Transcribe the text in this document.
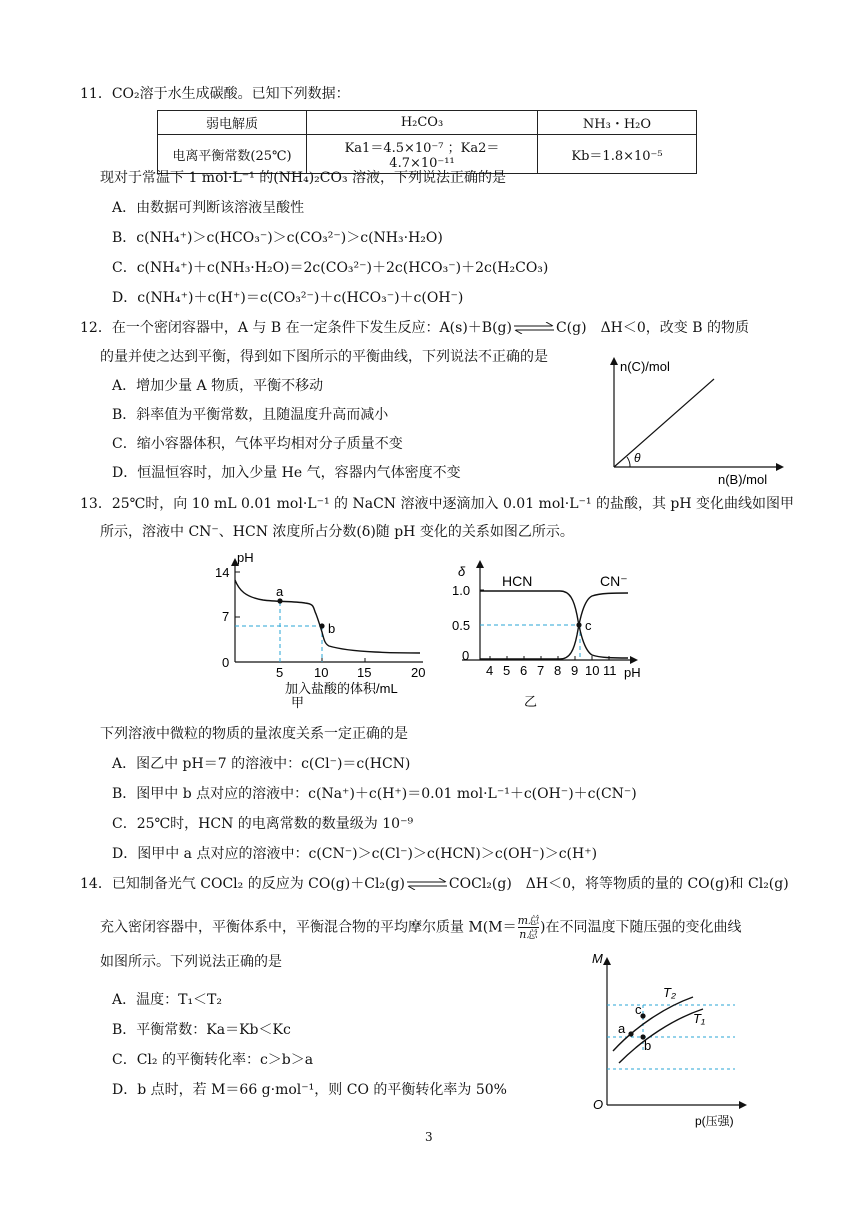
11．CO₂溶于水生成碳酸。已知下列数据：
弱电解质	H₂CO₃	NH₃・H₂O
电离平衡常数(25℃)	Ka1＝4.5×10⁻⁷ ；Ka2＝4.7×10⁻¹¹	Kb＝1.8×10⁻⁵
现对于常温下 1 mol·L⁻¹ 的(NH₄)₂CO₃ 溶液，下列说法正确的是
A．由数据可判断该溶液呈酸性
B．c(NH₄⁺)＞c(HCO₃⁻)＞c(CO₃²⁻)＞c(NH₃·H₂O)
C．c(NH₄⁺)＋c(NH₃·H₂O)＝2c(CO₃²⁻)＋2c(HCO₃⁻)＋2c(H₂CO₃)
D．c(NH₄⁺)＋c(H⁺)＝c(CO₃²⁻)＋c(HCO₃⁻)＋c(OH⁻)
12．在一个密闭容器中，A 与 B 在一定条件下发生反应：A(s)＋B(g)⇌C(g)　ΔH＜0，改变 B 的物质
的量并使之达到平衡，得到如下图所示的平衡曲线，下列说法不正确的是
A．增加少量 A 物质，平衡不移动
B．斜率值为平衡常数，且随温度升高而减小
C．缩小容器体积，气体平均相对分子质量不变
D．恒温恒容时，加入少量 He 气，容器内气体密度不变
θ
n(C)/mol
n(B)/mol
13．25℃时，向 10 mL 0.01 mol·L⁻¹ 的 NaCN 溶液中逐滴加入 0.01 mol·L⁻¹ 的盐酸，其 pH 变化曲线如图甲
所示，溶液中 CN⁻、HCN 浓度所占分数(δ)随 pH 变化的关系如图乙所示。
a
b
pH
14
7
0
5 10 15	20
加入盐酸的体积/mL
甲
c
HCN	CN⁻
δ
1.0
0.5
0
4 5 6 7 8 9 10 11 pH
乙
下列溶液中微粒的物质的量浓度关系一定正确的是
A．图乙中 pH＝7 的溶液中：c(Cl⁻)＝c(HCN)
B．图甲中 b 点对应的溶液中：c(Na⁺)＋c(H⁺)＝0.01 mol·L⁻¹＋c(OH⁻)＋c(CN⁻)
C．25℃时，HCN 的电离常数的数量级为 10⁻⁹
D．图甲中 a 点对应的溶液中：c(CN⁻)＞c(Cl⁻)＞c(HCN)＞c(OH⁻)＞c(H⁺)
14．已知制备光气 COCl₂ 的反应为 CO(g)＋Cl₂(g)⇌COCl₂(g)　ΔH＜0，将等物质的量的 CO(g)和 Cl₂(g)
充入密闭容器中，平衡体系中，平衡混合物的平均摩尔质量 M(M＝ m总
n总 )在不同温度下随压强的变化曲线
如图所示。下列说法正确的是
A．温度：T₁＜T₂
B．平衡常数：Ka＝Kb＜Kc
C．Cl₂ 的平衡转化率：c＞b＞a
D．b 点时，若 M＝66 g·mol⁻¹，则 CO 的平衡转化率为 50%
a
b
c
T₂
T₁
M
O
p(压强)
3
